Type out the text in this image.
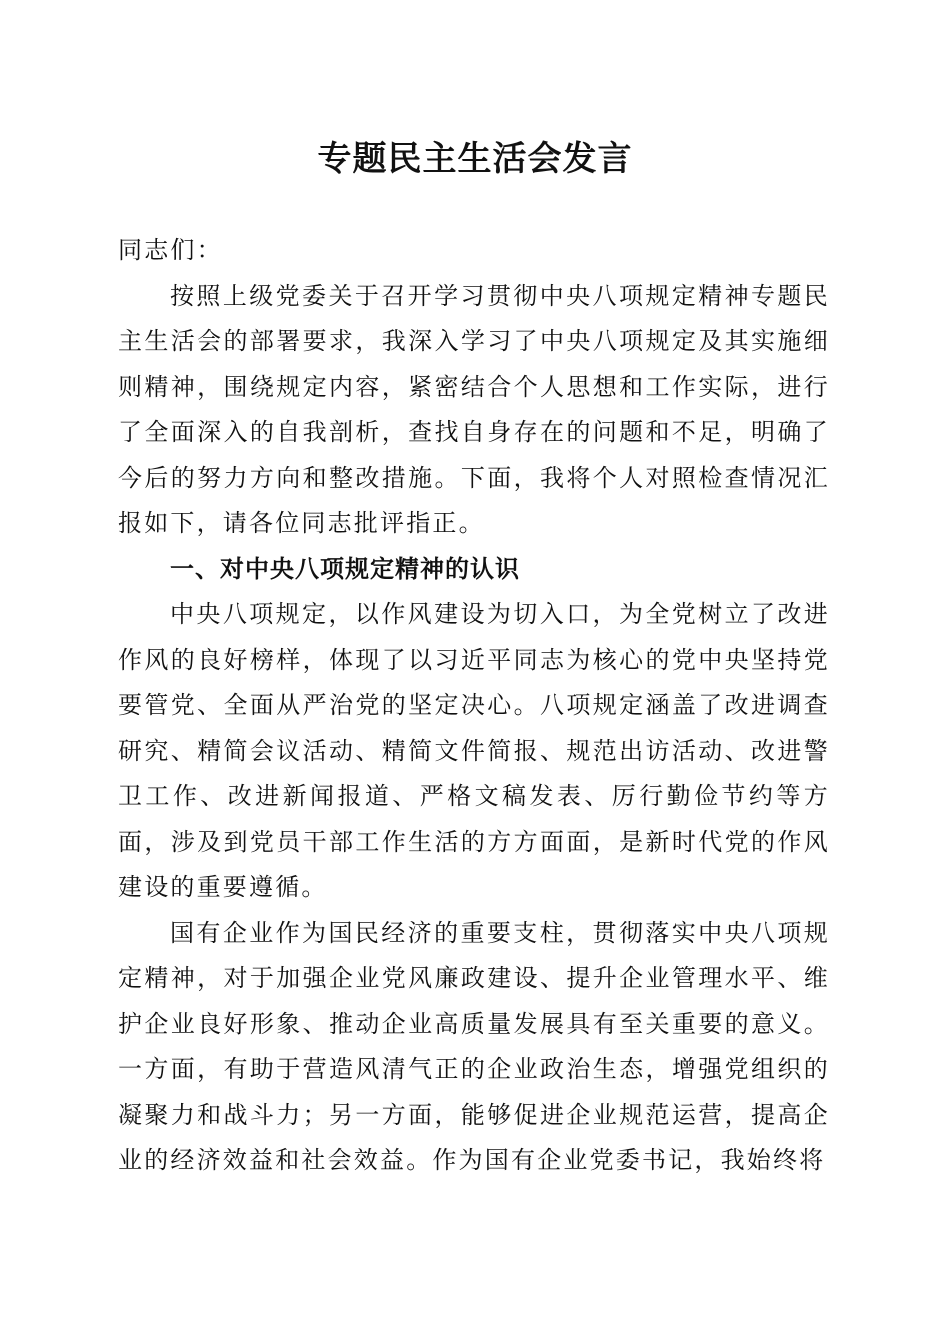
专题民主生活会发言

同志们：

按照上级党委关于召开学习贯彻中央八项规定精神专题民主生活会的部署要求，我深入学习了中央八项规定及其实施细则精神，围绕规定内容，紧密结合个人思想和工作实际，进行了全面深入的自我剖析，查找自身存在的问题和不足，明确了今后的努力方向和整改措施。下面，我将个人对照检查情况汇报如下，请各位同志批评指正。

一、对中央八项规定精神的认识

中央八项规定，以作风建设为切入口，为全党树立了改进作风的良好榜样，体现了以习近平同志为核心的党中央坚持党要管党、全面从严治党的坚定决心。八项规定涵盖了改进调查研究、精简会议活动、精简文件简报、规范出访活动、改进警卫工作、改进新闻报道、严格文稿发表、厉行勤俭节约等方面，涉及到党员干部工作生活的方方面面，是新时代党的作风建设的重要遵循。

国有企业作为国民经济的重要支柱，贯彻落实中央八项规定精神，对于加强企业党风廉政建设、提升企业管理水平、维护企业良好形象、推动企业高质量发展具有至关重要的意义。一方面，有助于营造风清气正的企业政治生态，增强党组织的凝聚力和战斗力；另一方面，能够促进企业规范运营，提高企业的经济效益和社会效益。作为国有企业党委书记，我始终将
